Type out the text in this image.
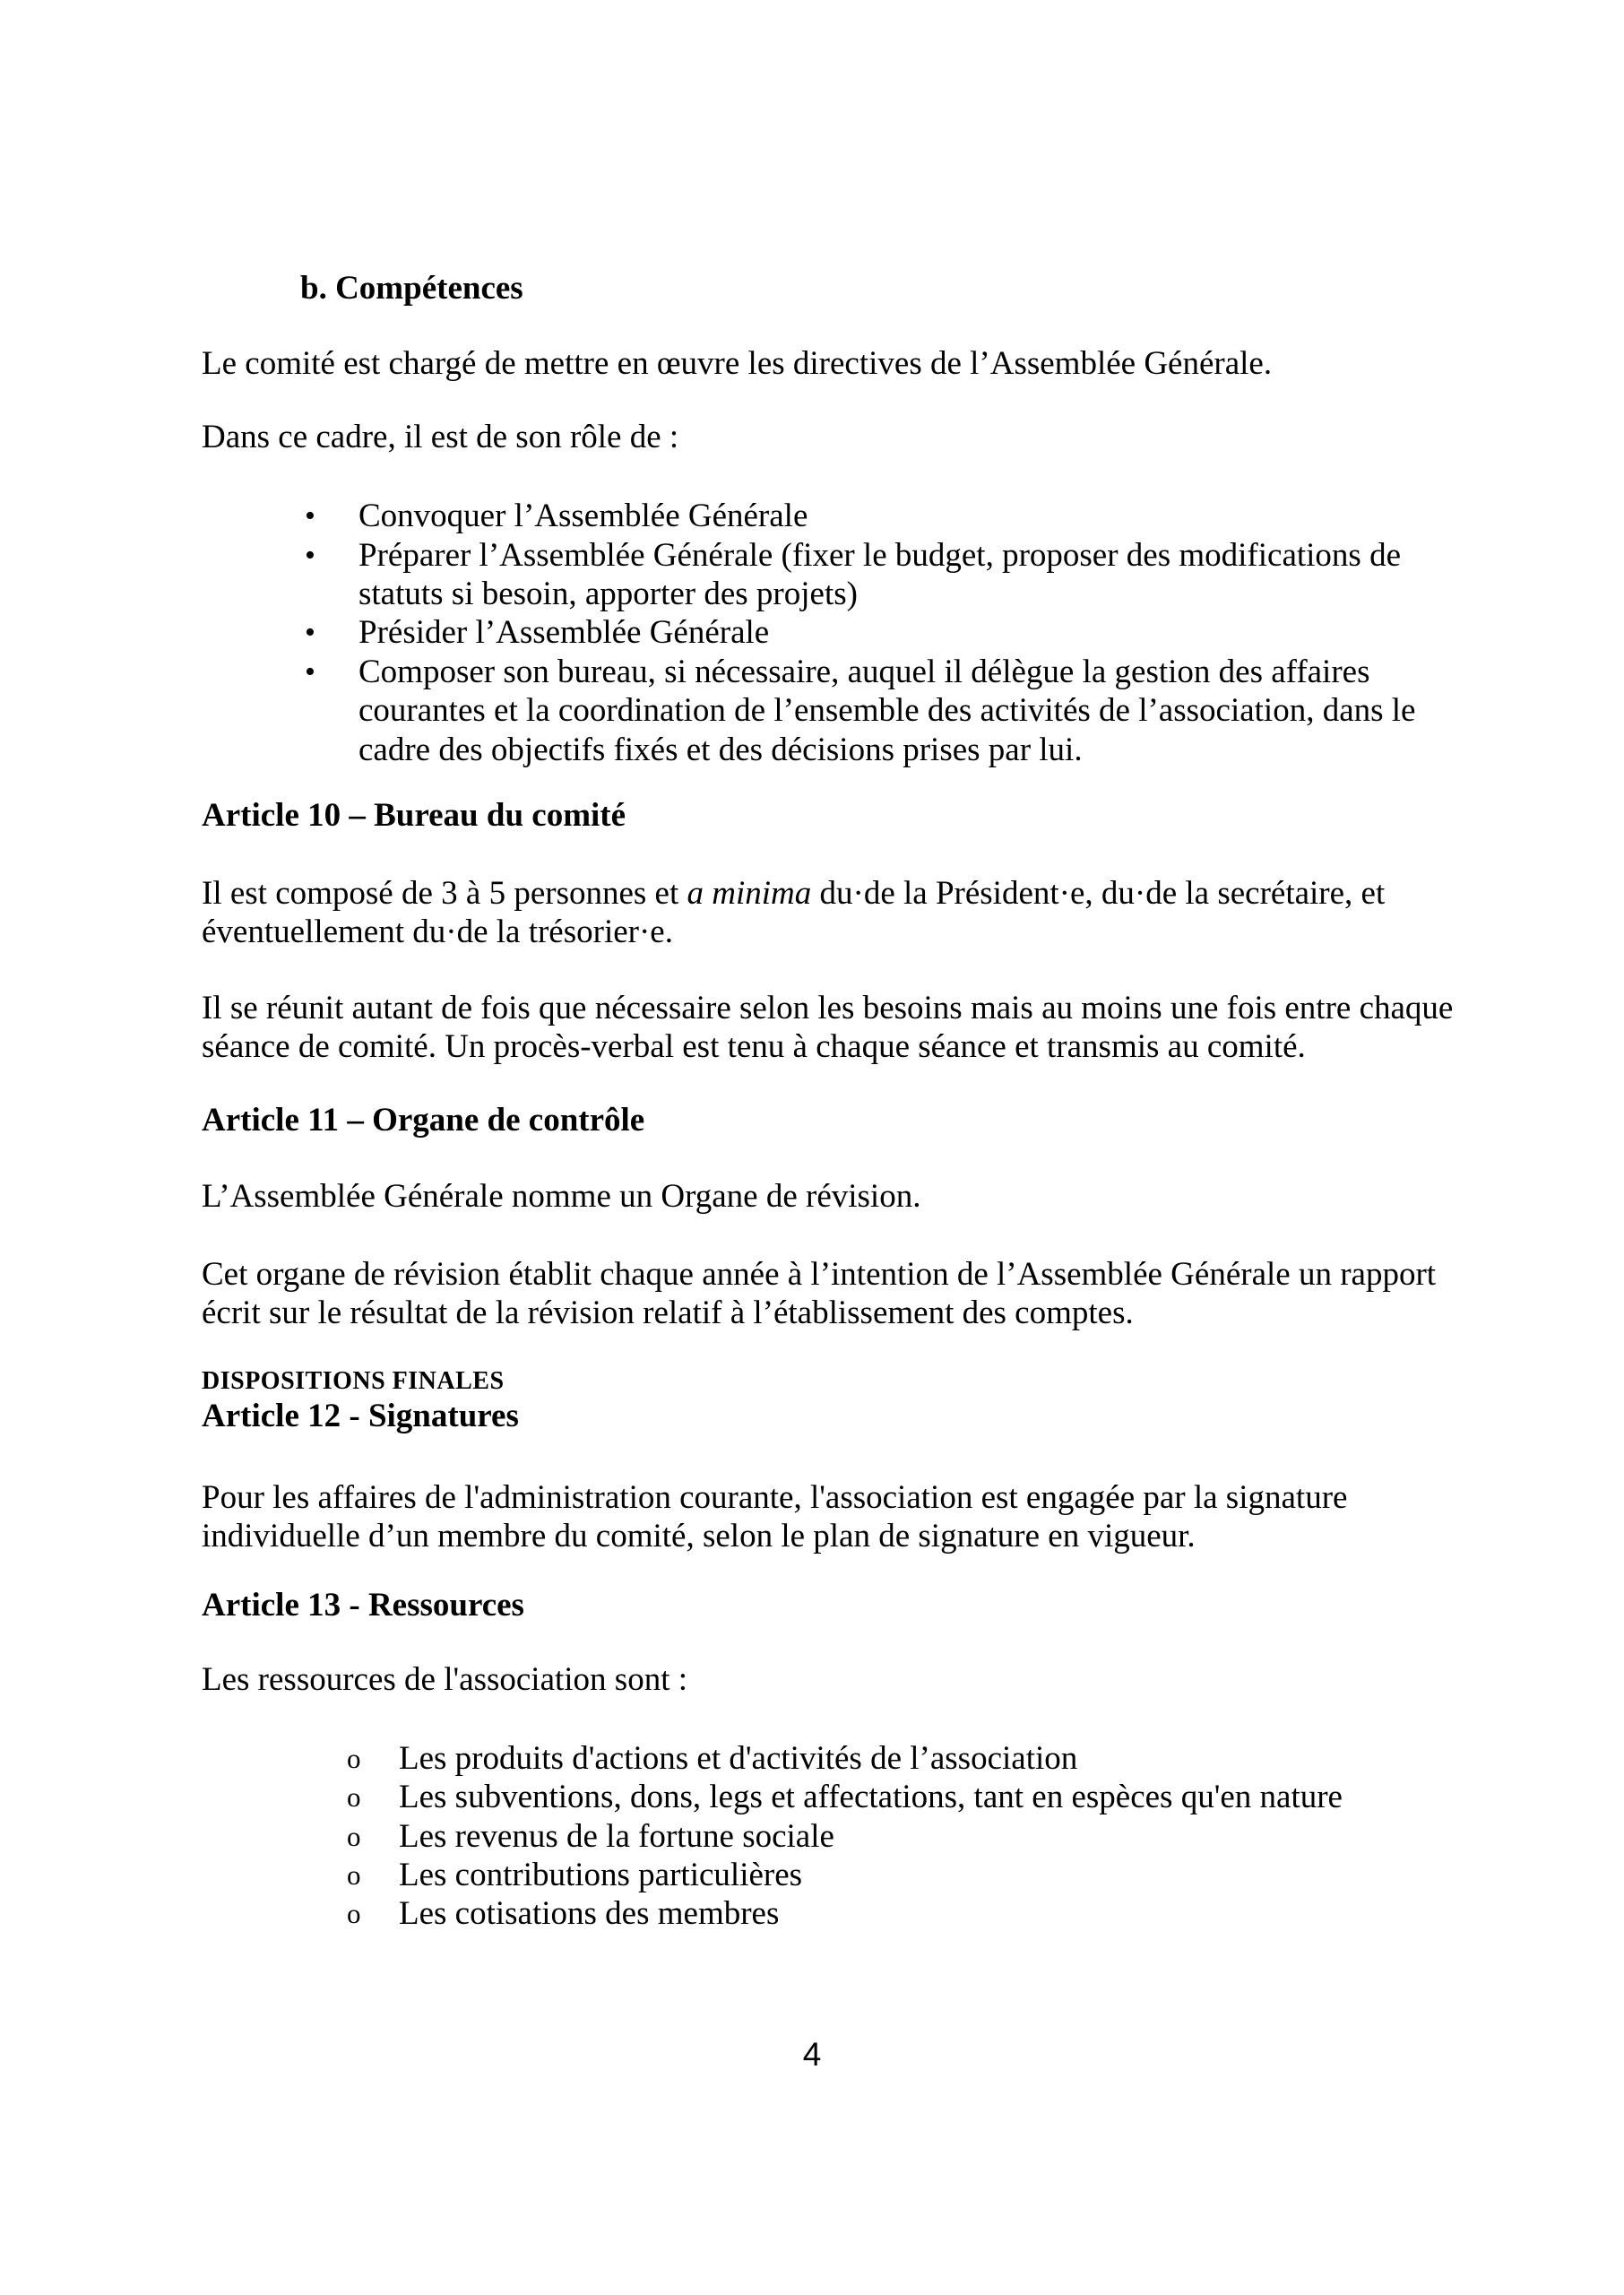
b. Compétences
Le comité est chargé de mettre en œuvre les directives de l’Assemblée Générale.
Dans ce cadre, il est de son rôle de :
• Convoquer l’Assemblée Générale
• Préparer l’Assemblée Générale (fixer le budget, proposer des modifications de
statuts si besoin, apporter des projets)
• Présider l’Assemblée Générale
• Composer son bureau, si nécessaire, auquel il délègue la gestion des affaires
courantes et la coordination de l’ensemble des activités de l’association, dans le
cadre des objectifs fixés et des décisions prises par lui.
Article 10 – Bureau du comité
Il est composé de 3 à 5 personnes et a minima du·de la Président·e, du·de la secrétaire, et
éventuellement du·de la trésorier·e.
Il se réunit autant de fois que nécessaire selon les besoins mais au moins une fois entre chaque
séance de comité. Un procès-verbal est tenu à chaque séance et transmis au comité.
Article 11 – Organe de contrôle
L’Assemblée Générale nomme un Organe de révision.
Cet organe de révision établit chaque année à l’intention de l’Assemblée Générale un rapport
écrit sur le résultat de la révision relatif à l’établissement des comptes.
DISPOSITIONS FINALES
Article 12 - Signatures
Pour les affaires de l'administration courante, l'association est engagée par la signature
individuelle d’un membre du comité, selon le plan de signature en vigueur.
Article 13 - Ressources
Les ressources de l'association sont :
o Les produits d'actions et d'activités de l’association
o Les subventions, dons, legs et affectations, tant en espèces qu'en nature
o Les revenus de la fortune sociale
o Les contributions particulières
o Les cotisations des membres
4
